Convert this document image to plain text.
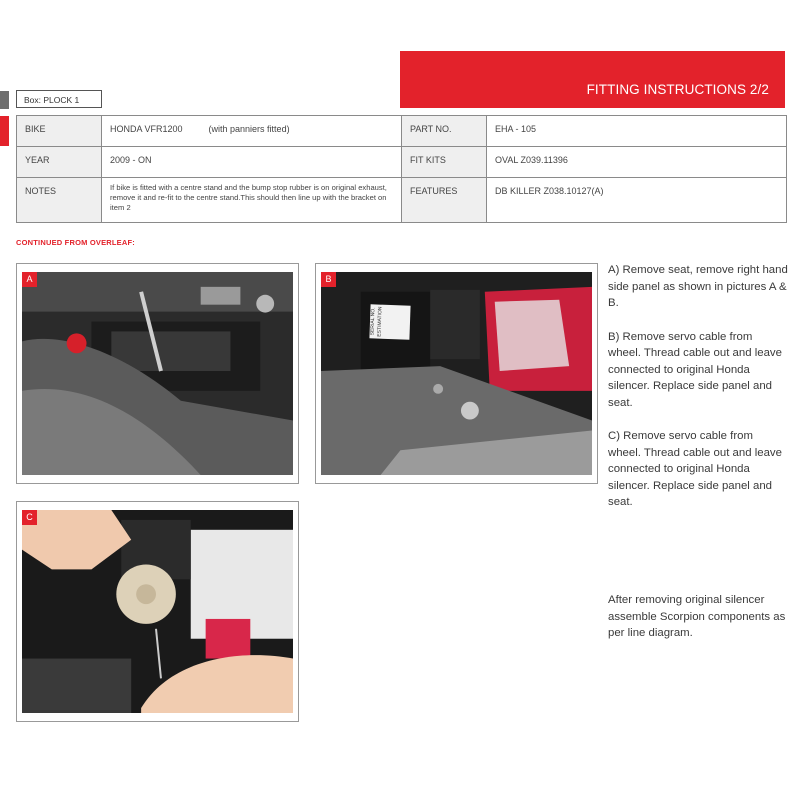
FITTING INSTRUCTIONS 2/2
Box: PLOCK 1
BIKE	HONDA VFR1200 (with panniers fitted)	PART NO.	EHA - 105
YEAR	2009 - ON	FIT KITS	OVAL Z039.11396
NOTES	If bike is fitted with a centre stand and the bump stop rubber is on original exhaust, remove it and re-fit to the centre stand.This should then line up with the bracket on item 2	FEATURES	DB KILLER Z038.10127(A)
CONTINUED FROM OVERLEAF:
A	B
SERIAL NO. ESTIMATION
C

A) Remove seat, remove right hand side panel as shown in pictures A & B.

B) Remove servo cable from wheel. Thread cable out and leave connected to original Honda silencer. Replace side panel and seat.

C) Remove servo cable from wheel. Thread cable out and leave connected to original Honda silencer. Replace side panel and seat.

After removing original silencer assemble Scorpion components as per line diagram.
